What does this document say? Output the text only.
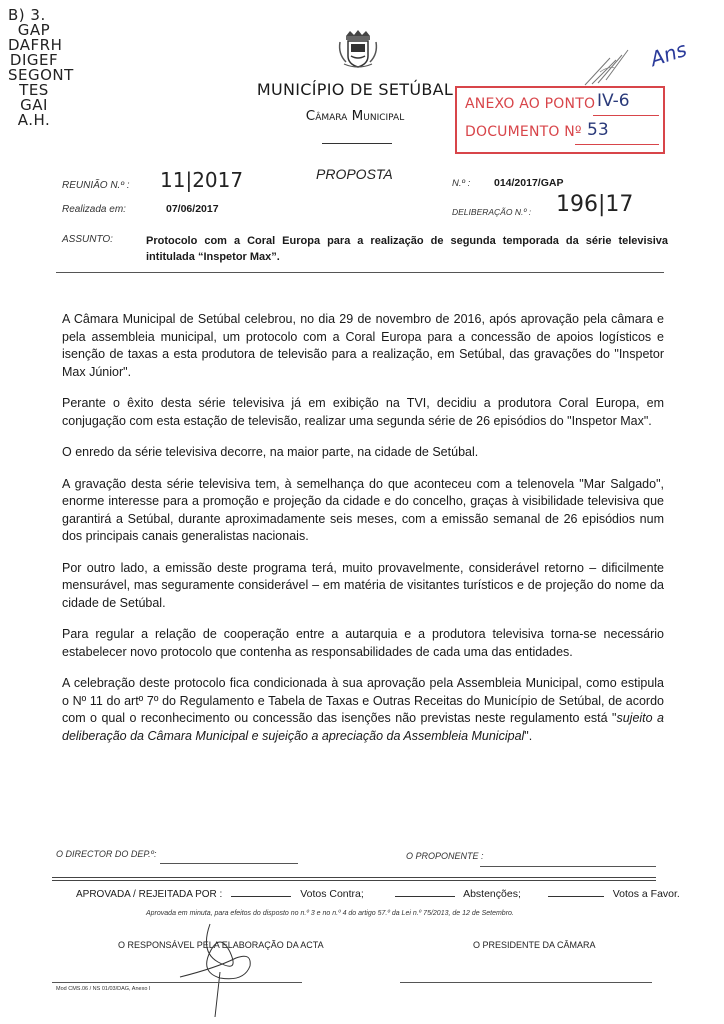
B) 3.
GAP
DAFRH
DIGEF
SEGONT
TES
GAI
A.H.
MUNICÍPIO DE SETÚBAL
Câmara Municipal
Ans
ANEXO AO PONTO IV-6
DOCUMENTO Nº 53
REUNIÃO N.º : 11|2017	PROPOSTA
N.º : 014/2017/GAP
Realizada em:	07/06/2017	DELIBERAÇÃO N.º : 196|17
ASSUNTO:	Protocolo com a Coral Europa para a realização de segunda temporada da série televisiva intitulada “Inspetor Max”.

A Câmara Municipal de Setúbal celebrou, no dia 29 de novembro de 2016, após aprovação pela câmara e pela assembleia municipal, um protocolo com a Coral Europa para a concessão de apoios logísticos e isenção de taxas a esta produtora de televisão para a realização, em Setúbal, das gravações do "Inspetor Max Júnior".

Perante o êxito desta série televisiva já em exibição na TVI, decidiu a produtora Coral Europa, em conjugação com esta estação de televisão, realizar uma segunda série de 26 episódios do "Inspetor Max".

O enredo da série televisiva decorre, na maior parte, na cidade de Setúbal.

A gravação desta série televisiva tem, à semelhança do que aconteceu com a telenovela "Mar Salgado", enorme interesse para a promoção e projeção da cidade e do concelho, graças à visibilidade televisiva que garantirá a Setúbal, durante aproximadamente seis meses, com a emissão semanal de 26 episódios num dos principais canais generalistas nacionais.

Por outro lado, a emissão deste programa terá, muito provavelmente, considerável retorno – dificilmente mensurável, mas seguramente considerável – em matéria de visitantes turísticos e de projeção do nome da cidade de Setúbal.

Para regular a relação de cooperação entre a autarquia e a produtora televisiva torna-se necessário estabelecer novo protocolo que contenha as responsabilidades de cada uma das entidades.

A celebração deste protocolo fica condicionada à sua aprovação pela Assembleia Municipal, como estipula o Nº 11 do artº 7º do Regulamento e Tabela de Taxas e Outras Receitas do Município de Setúbal, de acordo com o qual o reconhecimento ou concessão das isenções não previstas neste regulamento está "sujeito a deliberação da Câmara Municipal e sujeição a apreciação da Assembleia Municipal".

O DIRECTOR DO DEP.º:	O PROPONENTE :
APROVADA / REJEITADA POR :	Votos Contra;	Abstenções;	Votos a Favor.
Aprovada em minuta, para efeitos do disposto no n.º 3 e no n.º 4 do artigo 57.º da Lei n.º 75/2013, de 12 de Setembro.
O RESPONSÁVEL PELA ELABORAÇÃO DA ACTA	O PRESIDENTE DA CÂMARA
Mod CMS.06 / NS 01/03/DAG, Anexo I
